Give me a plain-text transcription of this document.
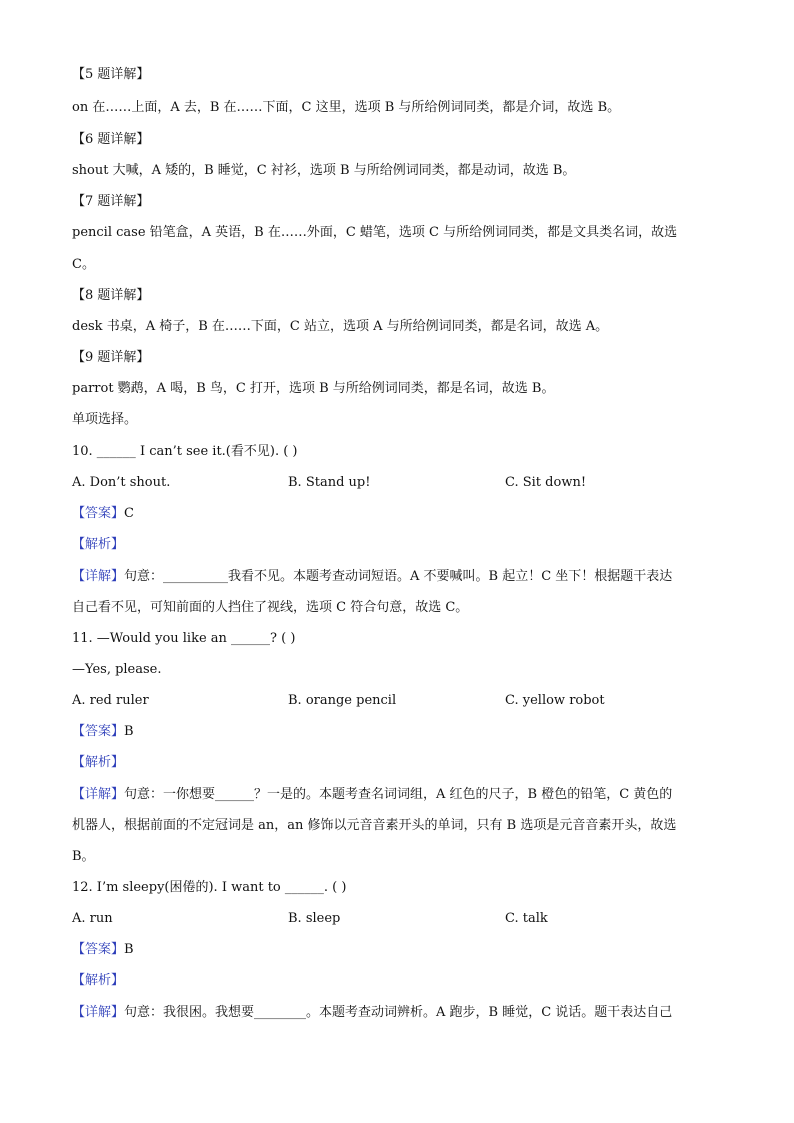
【5 题详解】
on 在……上面，A 去，B 在……下面，C 这里，选项 B 与所给例词同类，都是介词，故选 B。
【6 题详解】
shout 大喊，A 矮的，B 睡觉，C 衬衫，选项 B 与所给例词同类，都是动词，故选 B。
【7 题详解】
pencil case 铅笔盒，A 英语，B 在……外面，C 蜡笔，选项 C 与所给例词同类，都是文具类名词，故选
C。
【8 题详解】
desk 书桌，A 椅子，B 在……下面，C 站立，选项 A 与所给例词同类，都是名词，故选 A。
【9 题详解】
parrot 鹦鹉，A 喝，B 鸟，C 打开，选项 B 与所给例词同类，都是名词，故选 B。
单项选择。
10. ______ I can’t see it.(看不见). ( )
A. Don’t shout.	B. Stand up!	C. Sit down!
【答案】C
【解析】
【详解】句意：__________我看不见。本题考查动词短语。A 不要喊叫。B 起立！C 坐下！根据题干表达
自己看不见，可知前面的人挡住了视线，选项 C 符合句意，故选 C。
11. —Would you like an ______? ( )
—Yes, please.
A. red ruler	B. orange pencil	C. yellow robot
【答案】B
【解析】
【详解】句意：一你想要______？一是的。本题考查名词词组，A 红色的尺子，B 橙色的铅笔，C 黄色的
机器人，根据前面的不定冠词是 an，an 修饰以元音音素开头的单词，只有 B 选项是元音音素开头，故选
B。
12. I’m sleepy(困倦的). I want to ______. ( )
A. run	B. sleep	C. talk
【答案】B
【解析】
【详解】句意：我很困。我想要________。本题考查动词辨析。A 跑步，B 睡觉，C 说话。题干表达自己
